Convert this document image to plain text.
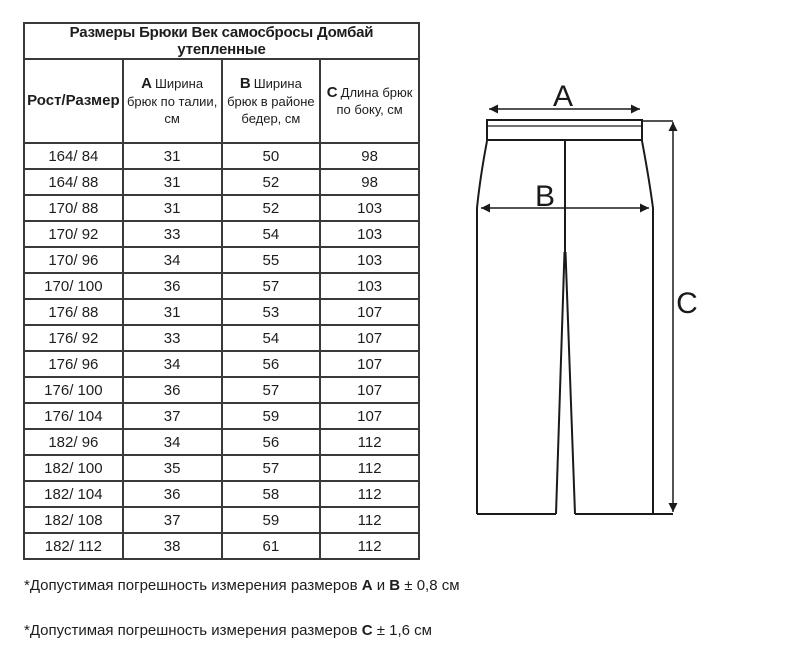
Размеры Брюки Век самосбросы Домбай утепленные			
Рост/Размер	A Ширина брюк по талии, см	B Ширина брюк в районе бедер, см	C Длина брюк по боку, см
164/ 84	31	50	98
164/ 88	31	52	98
170/ 88	31	52	103
170/ 92	33	54	103
170/ 96	34	55	103
170/ 100	36	57	103
176/ 88	31	53	107
176/ 92	33	54	107
176/ 96	34	56	107
176/ 100	36	57	107
176/ 104	37	59	107
182/ 96	34	56	112
182/ 100	35	57	112
182/ 104	36	58	112
182/ 108	37	59	112
182/ 112	38	61	112
A
B
C
*Допустимая погрешность измерения размеров A и B ± 0,8 см
*Допустимая погрешность измерения размеров C ± 1,6 см
